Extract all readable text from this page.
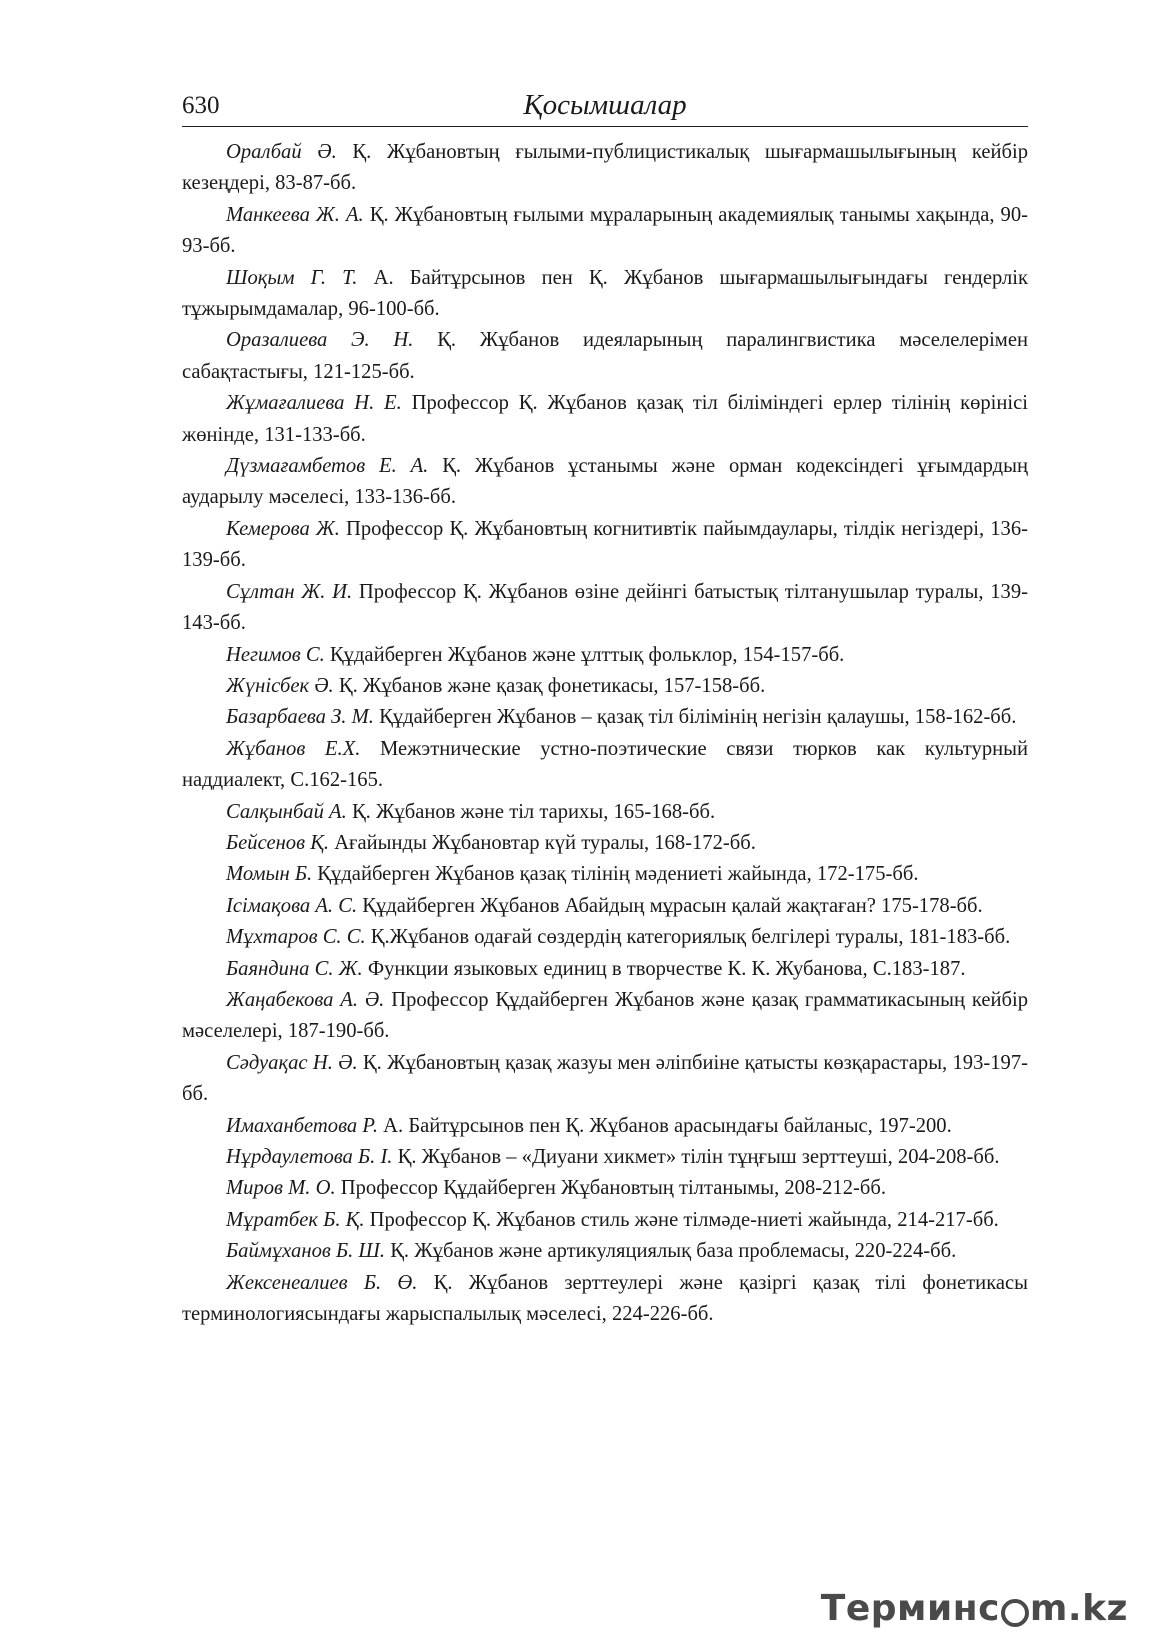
630	Қосымшалар

Оралбай Ә. Қ. Жұбановтың ғылыми-публицистикалық шығармашылығының кейбір кезеңдері, 83-87-бб.

Манкеева Ж. А. Қ. Жұбановтың ғылыми мұраларының академиялық танымы хақында, 90-93-бб.

Шоқым Г. Т. А. Байтұрсынов пен Қ. Жұбанов шығармашылығындағы гендерлік тұжырымдамалар, 96-100-бб.

Оразалиева Э. Н. Қ. Жұбанов идеяларының паралингвистика мәселелерімен сабақтастығы, 121-125-бб.

Жұмағалиева Н. Е. Профессор Қ. Жұбанов қазақ тіл біліміндегі ерлер тілінің көрінісі жөнінде, 131-133-бб.

Дүзмағамбетов Е. А. Қ. Жұбанов ұстанымы және орман кодексіндегі ұғымдардың аударылу мәселесі, 133-136-бб.

Кемерова Ж. Профессор Қ. Жұбановтың когнитивтік пайымдаулары, тілдік негіздері, 136-139-бб.

Сұлтан Ж. И. Профессор Қ. Жұбанов өзіне дейінгі батыстық тілтанушылар туралы, 139-143-бб.

Негимов С. Құдайберген Жұбанов және ұлттық фольклор, 154-157-бб.

Жүнісбек Ә. Қ. Жұбанов және қазақ фонетикасы, 157-158-бб.

Базарбаева З. М. Құдайберген Жұбанов – қазақ тіл білімінің негізін қалаушы, 158-162-бб.

Жұбанов Е.Х. Межэтнические устно-поэтические связи тюрков как культурный наддиалект, С.162-165.

Салқынбай А. Қ. Жұбанов және тіл тарихы, 165-168-бб.

Бейсенов Қ. Ағайынды Жұбановтар күй туралы, 168-172-бб.

Момын Б. Құдайберген Жұбанов қазақ тілінің мәдениеті жайында, 172-175-бб.

Ісімақова А. С. Құдайберген Жұбанов Абайдың мұрасын қалай жақтаған? 175-178-бб.

Мұхтаров С. С. Қ.Жұбанов одағай сөздердің категориялық белгілері туралы, 181-183-бб.

Баяндина С. Ж. Функции языковых единиц в творчестве К. К. Жубанова, С.183-187.

Жаңабекова А. Ә. Профессор Құдайберген Жұбанов және қазақ грамматикасының кейбір мәселелері, 187-190-бб.

Сәдуақас Н. Ә. Қ. Жұбановтың қазақ жазуы мен әліпбиіне қатысты көзқарастары, 193-197-бб.

Имаханбетова Р. А. Байтұрсынов пен Қ. Жұбанов арасындағы байланыс, 197-200.

Нұрдаулетова Б. І. Қ. Жұбанов – «Диуани хикмет» тілін тұңғыш зерттеуші, 204-208-бб.

Миров М. О. Профессор Құдайберген Жұбановтың тілтанымы, 208-212-бб.

Мұратбек Б. Қ. Профессор Қ. Жұбанов стиль және тілмәде-ниеті жайында, 214-217-бб.

Баймұханов Б. Ш. Қ. Жұбанов және артикуляциялық база проблемасы, 220-224-бб.

Жексенеалиев Б. Ө. Қ. Жұбанов зерттеулері және қазіргі қазақ тілі фонетикасы терминологиясындағы жарыспалылық мәселесі, 224-226-бб.

Терминc m.kz
